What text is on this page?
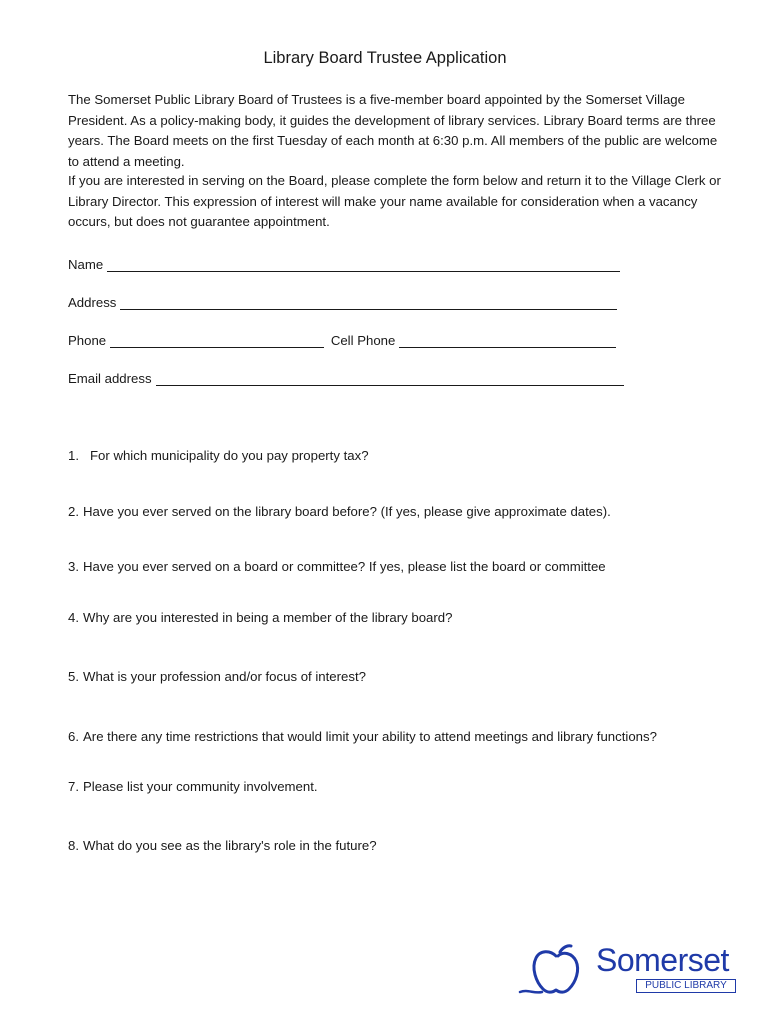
Library Board Trustee Application
The Somerset Public Library Board of Trustees is a five-member board appointed by the Somerset Village President. As a policy-making body, it guides the development of library services. Library Board terms are three years. The Board meets on the first Tuesday of each month at 6:30 p.m. All members of the public are welcome to attend a meeting.
If you are interested in serving on the Board, please complete the form below and return it to the Village Clerk or Library Director. This expression of interest will make your name available for consideration when a vacancy occurs, but does not guarantee appointment.
Name
Address
Phone	Cell Phone
Email address
1. For which municipality do you pay property tax?
2. Have you ever served on the library board before? (If yes, please give approximate dates).
3. Have you ever served on a board or committee? If yes, please list the board or committee
4. Why are you interested in being a member of the library board?
5. What is your profession and/or focus of interest?
6. Are there any time restrictions that would limit your ability to attend meetings and library functions?
7. Please list your community involvement.
8. What do you see as the library's role in the future?
Somerset
PUBLIC LIBRARY
